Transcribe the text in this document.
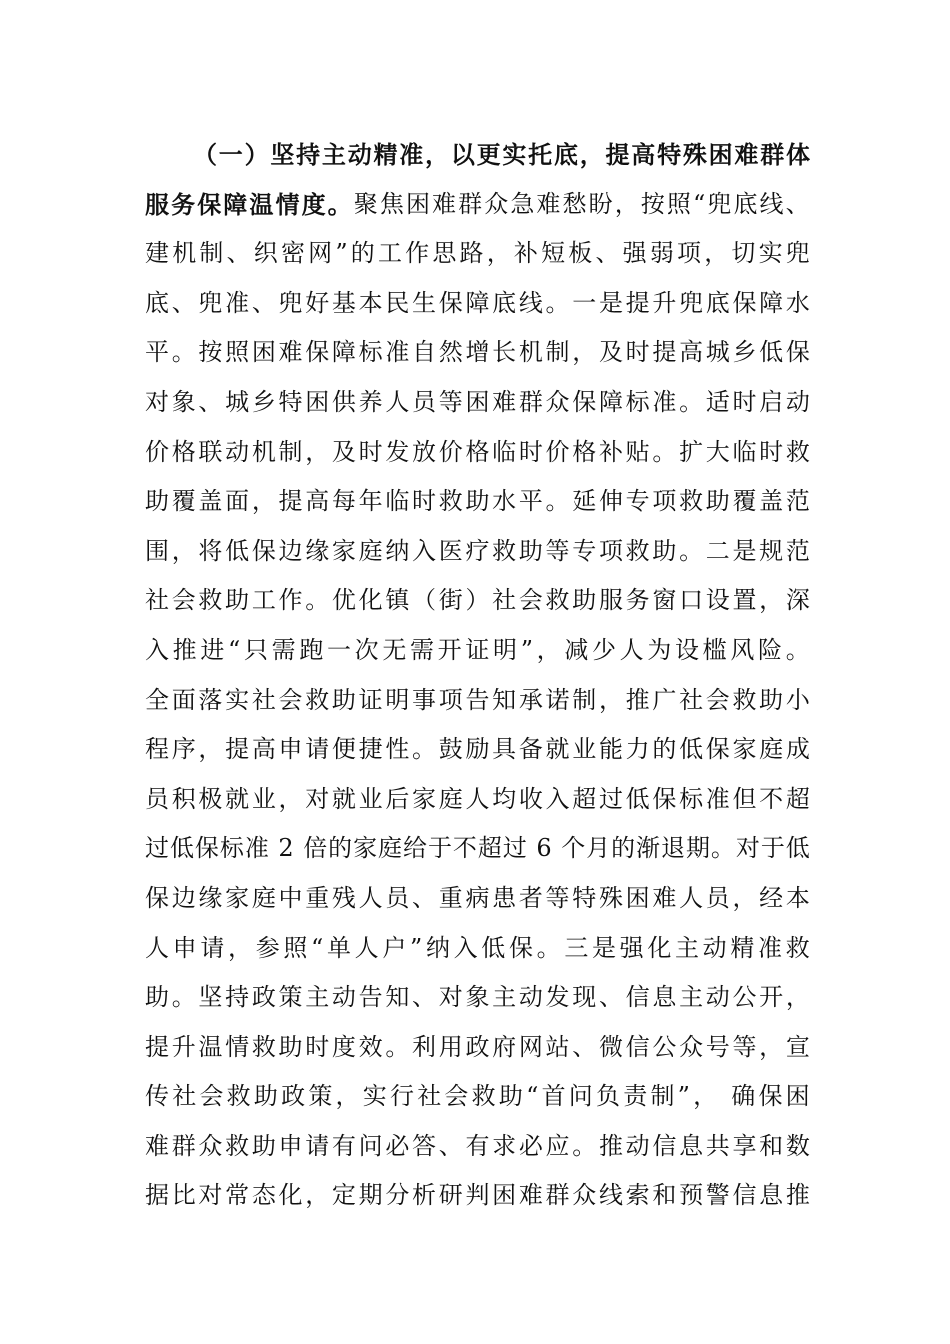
（ 一 ） 坚 持 主 动 精 准 ， 以 更 实 托 底 ， 提 高 特 殊 困 难 群 体
服 务 保 障 温 情 度 。 聚 焦 困 难 群 众 急 难 愁 盼 ， 按 照 “ 兜 底 线 、
建 机 制 、 织 密 网 ” 的 工 作 思 路 ， 补 短 板 、 强 弱 项 ， 切 实 兜
底 、 兜 准 、 兜 好 基 本 民 生 保 障 底 线 。 一 是 提 升 兜 底 保 障 水
平 。 按 照 困 难 保 障 标 准 自 然 增 长 机 制 ， 及 时 提 高 城 乡 低 保
对 象 、 城 乡 特 困 供 养 人 员 等 困 难 群 众 保 障 标 准 。 适 时 启 动
价 格 联 动 机 制 ， 及 时 发 放 价 格 临 时 价 格 补 贴 。 扩 大 临 时 救
助 覆 盖 面 ， 提 高 每 年 临 时 救 助 水 平 。 延 伸 专 项 救 助 覆 盖 范
围 ， 将 低 保 边 缘 家 庭 纳 入 医 疗 救 助 等 专 项 救 助 。 二 是 规 范
社 会 救 助 工 作 。 优 化 镇 （ 街 ） 社 会 救 助 服 务 窗 口 设 置 ， 深
入 推 进 “ 只 需 跑 一 次 无 需 开 证 明 ” ， 减 少 人 为 设 槛 风 险 。
全 面 落 实 社 会 救 助 证 明 事 项 告 知 承 诺 制 ， 推 广 社 会 救 助 小
程 序 ， 提 高 申 请 便 捷 性 。 鼓 励 具 备 就 业 能 力 的 低 保 家 庭 成
员 积 极 就 业 ， 对 就 业 后 家 庭 人 均 收 入 超 过 低 保 标 准 但 不 超
过 低 保 标 准
2
倍 的 家 庭 给 于 不 超 过
6
个 月 的 渐 退 期 。 对 于 低
保 边 缘 家 庭 中 重 残 人 员 、 重 病 患 者 等 特 殊 困 难 人 员 ， 经 本
人 申 请 ， 参 照 “ 单 人 户 ” 纳 入 低 保 。 三 是 强 化 主 动 精 准 救
助 。 坚 持 政 策 主 动 告 知 、 对 象 主 动 发 现 、 信 息 主 动 公 开 ，
提 升 温 情 救 助 时 度 效 。 利 用 政 府 网 站 、 微 信 公 众 号 等 ， 宣
传 社 会 救 助 政 策 ， 实 行 社 会 救 助 “ 首 问 负 责 制 ” ，
确 保 困
难 群 众 救 助 申 请 有 问 必 答 、 有 求 必 应 。 推 动 信 息 共 享 和 数
据 比 对 常 态 化 ， 定 期 分 析 研 判 困 难 群 众 线 索 和 预 警 信 息 推
